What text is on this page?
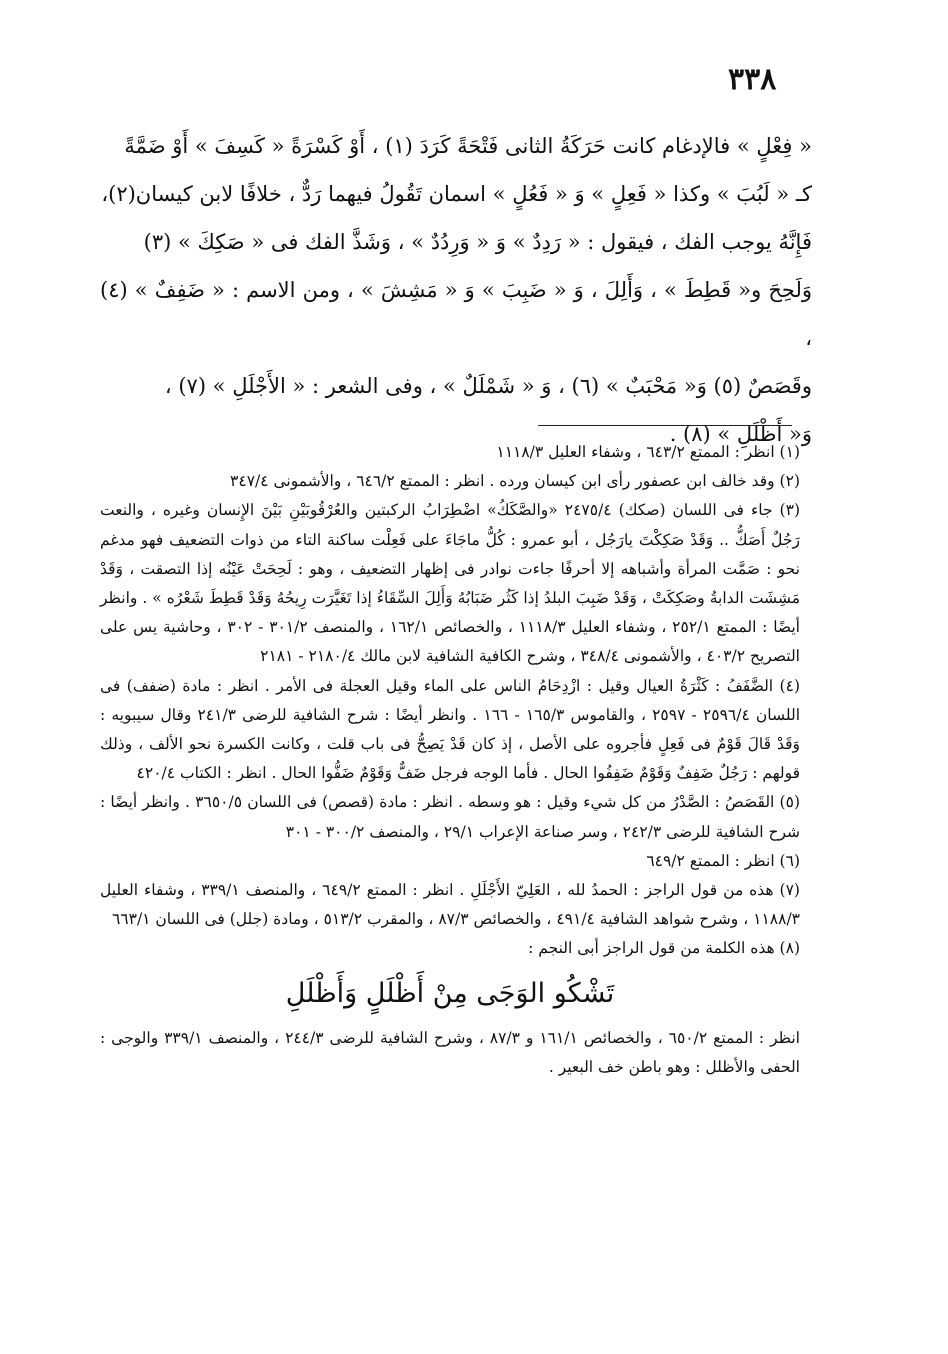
٣٣٨

« فِعْلٍ » فالإدغام كانت حَرَكَةُ الثانى فَتْحَةً كَرَدَ (١) ، أَوْ كَسْرَةً « كَسِفَ » أَوْ ضَمَّةً

كـ « لَبُبَ » وكذا « فَعِلٍ » وَ « فَعُلٍ » اسمان تَقُولُ فيهما رَدٌّ ، خلافًا لابن كيسان(٢)،

فَإِنَّهُ يوجب الفك ، فيقول : « رَدِدٌ » وَ « وَرِدُدٌ » ، وَشَذَّ الفك فى « صَكِكَ » (٣)

وَلَحِحَ و« قَطِطَ » ، وَأَلِلَ ، وَ « ضَبِبَ » وَ « مَشِشَ » ، ومن الاسم : « ضَفِفٌ » (٤) ،

وقَصَصٌ (٥) وَ« مَحْبَبٌ » (٦) ، وَ « شَمْلَلٌ » ، وفى الشعر : « الأَجْلَلِ » (٧) ،

وَ« أَظْلَلِ » (٨) .

(١) انظر : الممتع ٦٤٣/٢ ، وشفاء العليل ١١١٨/٣

(٢) وقد خالف ابن عصفور رأى ابن كيسان ورده . انظر : الممتع ٦٤٦/٢ ، والأشمونى ٣٤٧/٤

(٣) جاء فى اللسان (صكك) ٢٤٧٥/٤ «والصَّكَكُ» اضْطِرَابُ الركبتين والعُرْقُوبَيْنِ بَيْنَ الإِنسان وغيره ، والنعت رَجُلٌ أَصَكُّ .. وَقَدْ صَكِكْتَ يارَجُل ، أبو عمرو : كُلُّ ماجَاءَ على فَعِلْت ساكنة التاء من ذوات التضعيف فهو مدغم نحو : صَمَّت المرأة وأشباهه إلا أحرفًا جاءت نوادر فى إظهار التضعيف ، وهو : لَحِحَتْ عَيْنُه إذا التصقت ، وَقَدْ مَشِشَت الدابةُ وصَكِكَتْ ، وَقَدْ ضَبِبَ البلدُ إذا كَثُر ضَبَابُهُ وَأَلِلَ السِّقَاءُ إذا تَغَيَّرَت رِيحُهُ وَقَدْ قَطِطَ شَعْرُه » . وانظر أيضًا : الممتع ٢٥٢/١ ، وشفاء العليل ١١١٨/٣ ، والخصائص ١٦٢/١ ، والمنصف ٣٠١/٢ - ٣٠٢ ، وحاشية يس على التصريح ٤٠٣/٢ ، والأشمونى ٣٤٨/٤ ، وشرح الكافية الشافية لابن مالك ٢١٨٠/٤ - ٢١٨١

(٤) الضَّفَفُ : كَثْرَةُ العيال وقيل : ازْدِحَامُ الناس على الماء وقيل العجلة فى الأمر . انظر : مادة (ضفف) فى اللسان ٢٥٩٦/٤ - ٢٥٩٧ ، والقاموس ١٦٥/٣ - ١٦٦ . وانظر أيضًا : شرح الشافية للرضى ٢٤١/٣ وقال سيبويه : وَقَدْ قَالَ قَوْمٌ فى فَعِلٍ فأجروه على الأصل ، إذ كان قَدْ يَصِحُّ فى باب قلت ، وكانت الكسرة نحو الألف ، وذلك قولهم : رَجُلٌ ضَفِفٌ وَقَوْمٌ ضَفِفُوا الحال . فأما الوجه فرجل ضَفٌّ وَقَوْمٌ ضَفُّوا الحال . انظر : الكتاب ٤٢٠/٤

(٥) القَصَصُ : الصَّدْرُ من كل شيء وقيل : هو وسطه . انظر : مادة (قصص) فى اللسان ٣٦٥٠/٥ . وانظر أيضًا : شرح الشافية للرضى ٢٤٢/٣ ، وسر صناعة الإعراب ٢٩/١ ، والمنصف ٣٠٠/٢ - ٣٠١

(٦) انظر : الممتع ٦٤٩/٢

(٧) هذه من قول الراجز : الحمدُ لله ، العَلِيّ الأَجْلَلِ . انظر : الممتع ٦٤٩/٢ ، والمنصف ٣٣٩/١ ، وشفاء العليل ١١٨٨/٣ ، وشرح شواهد الشافية ٤٩١/٤ ، والخصائص ٨٧/٣ ، والمقرب ٥١٣/٢ ، ومادة (جلل) فى اللسان ٦٦٣/١

(٨) هذه الكلمة من قول الراجز أبى النجم :

تَشْكُو الوَجَى مِنْ أَظْلَلٍ وَأَظْلَلِ

انظر : الممتع ٦٥٠/٢ ، والخصائص ١٦١/١ و ٨٧/٣ ، وشرح الشافية للرضى ٢٤٤/٣ ، والمنصف ٣٣٩/١ والوجى : الحفى والأظلل : وهو باطن خف البعير .
